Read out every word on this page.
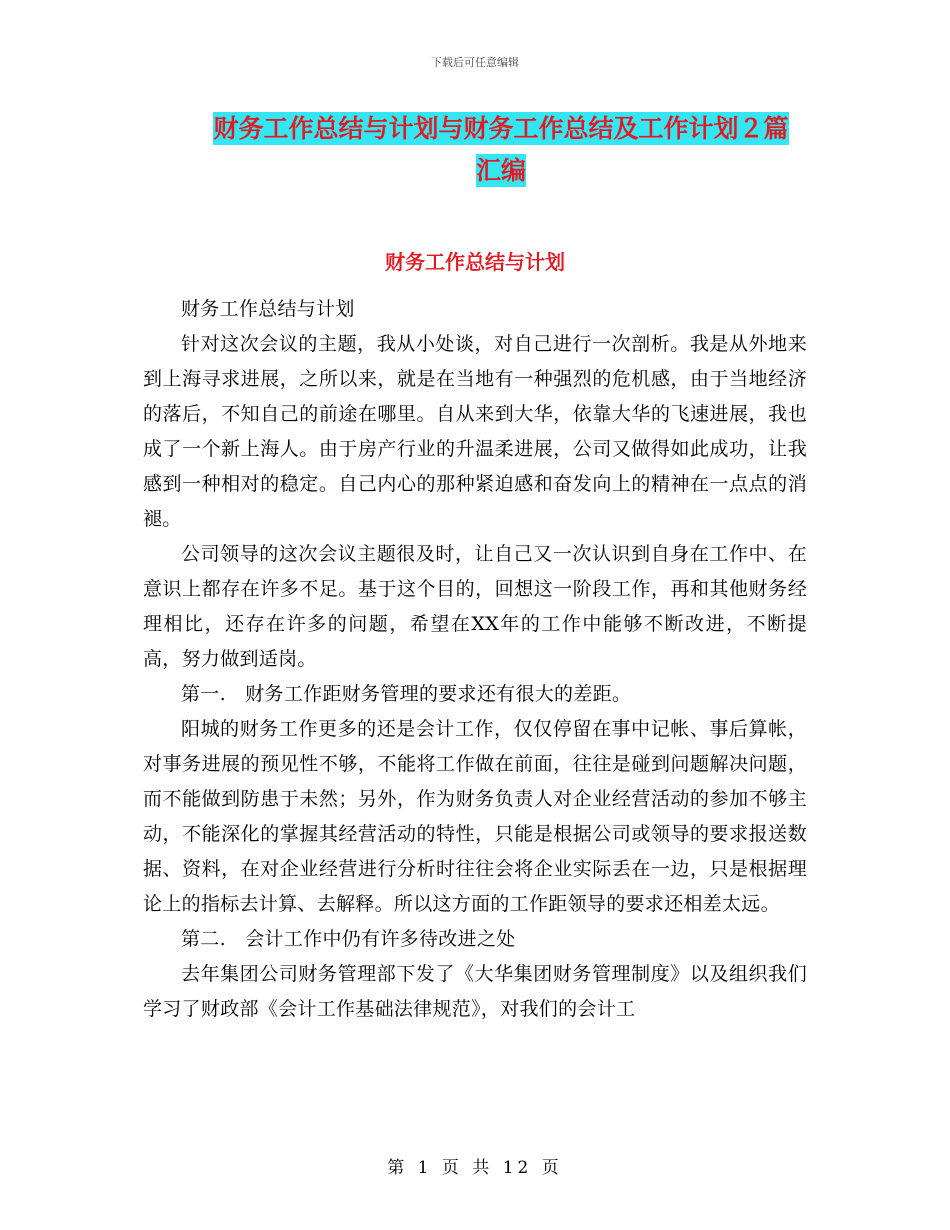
下载后可任意编辑
财务工作总结与计划与财务工作总结及工作计划２篇
汇编
财务工作总结与计划

财务工作总结与计划

针对这次会议的主题，我从小处谈，对自己进行一次剖析。我是从外地来到上海寻求进展，之所以来，就是在当地有一种强烈的危机感，由于当地经济的落后，不知自己的前途在哪里。自从来到大华，依靠大华的飞速进展，我也成了一个新上海人。由于房产行业的升温柔进展，公司又做得如此成功，让我感到一种相对的稳定。自己内心的那种紧迫感和奋发向上的精神在一点点的消褪。

公司领导的这次会议主题很及时，让自己又一次认识到自身在工作中、在意识上都存在许多不足。基于这个目的，回想这一阶段工作，再和其他财务经理相比，还存在许多的问题，希望在XX年的工作中能够不断改进，不断提高，努力做到适岗。

第一.　财务工作距财务管理的要求还有很大的差距。

阳城的财务工作更多的还是会计工作，仅仅停留在事中记帐、事后算帐，对事务进展的预见性不够，不能将工作做在前面，往往是碰到问题解决问题，而不能做到防患于未然；另外，作为财务负责人对企业经营活动的参加不够主动，不能深化的掌握其经营活动的特性，只能是根据公司或领导的要求报送数据、资料，在对企业经营进行分析时往往会将企业实际丢在一边，只是根据理论上的指标去计算、去解释。所以这方面的工作距领导的要求还相差太远。

第二.　会计工作中仍有许多待改进之处

去年集团公司财务管理部下发了《大华集团财务管理制度》以及组织我们学习了财政部《会计工作基础法律规范》，对我们的会计工

第 1 页 共 12 页
